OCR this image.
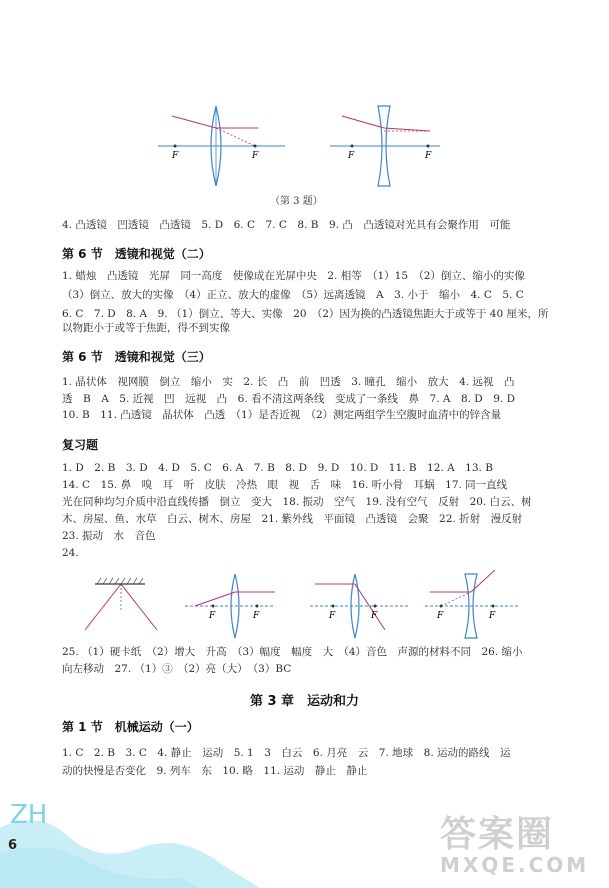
F	F	F	F
（第 3 题）
4. 凸透镜　凹透镜　凸透镜　5. D　6. C　7. C　8. B　9. 凸　凸透镜对光具有会聚作用　可能
第 6 节　透镜和视觉（二）
1. 蜡烛　凸透镜　光屏　同一高度　使像成在光屏中央　2. 相等　（1）15　（2）倒立、缩小的实像
（3）倒立、放大的实像　（4）正立、放大的虚像　（5）远离透镜　A　3. 小于　缩小　4. C　5. C
6. C　7. D　8. A　9. （1）倒立、等大、实像　20　（2）因为换的凸透镜焦距大于或等于 40 厘米，所
以物距小于或等于焦距，得不到实像
第 6 节　透镜和视觉（三）
1. 晶状体　视网膜　倒立　缩小　实　2. 长　凸　前　凹透　3. 瞳孔　缩小　放大　4. 远视　凸
透　B　A　5. 近视　凹　远视　凸　6. 看不清这两条线　变成了一条线　鼻　7. A　8. D　9. D
10. B　11. 凸透镜　晶状体　凸透　（1）是否近视　（2）测定两组学生空腹时血清中的锌含量
复习题
1. D　2. B　3. D　4. D　5. C　6. A　7. B　8. D　9. D　10. D　11. B　12. A　13. B
14. C　15. 鼻　嗅　耳　听　皮肤　冷热　眼　视　舌　味　16. 听小骨　耳蜗　17. 同一直线
光在同种均匀介质中沿直线传播　倒立　变大　18. 振动　空气　19. 没有空气　反射　20. 白云、树
木、房屋、鱼、水草　白云、树木、房屋　21. 紫外线　平面镜　凸透镜　会聚　22. 折射　漫反射
23. 振动　水　音色
24.
F	F	F	F	F	F
25. （1）硬卡纸　（2）增大　升高　（3）幅度　幅度　大　（4）音色　声源的材料不同　26. 缩小
向左移动　27. （1）③　（2）亮（大）　（3）BC
第 3 章　运动和力
第 1 节　机械运动（一）
1. C　2. B　3. C　4. 静止　运动　5. 1　3　白云　6. 月亮　云　7. 地球　8. 运动的路线　运
动的快慢是否变化　9. 列车　东　10. 略　11. 运动　静止　静止
ZH
6	答案圈
MXQE.COM
